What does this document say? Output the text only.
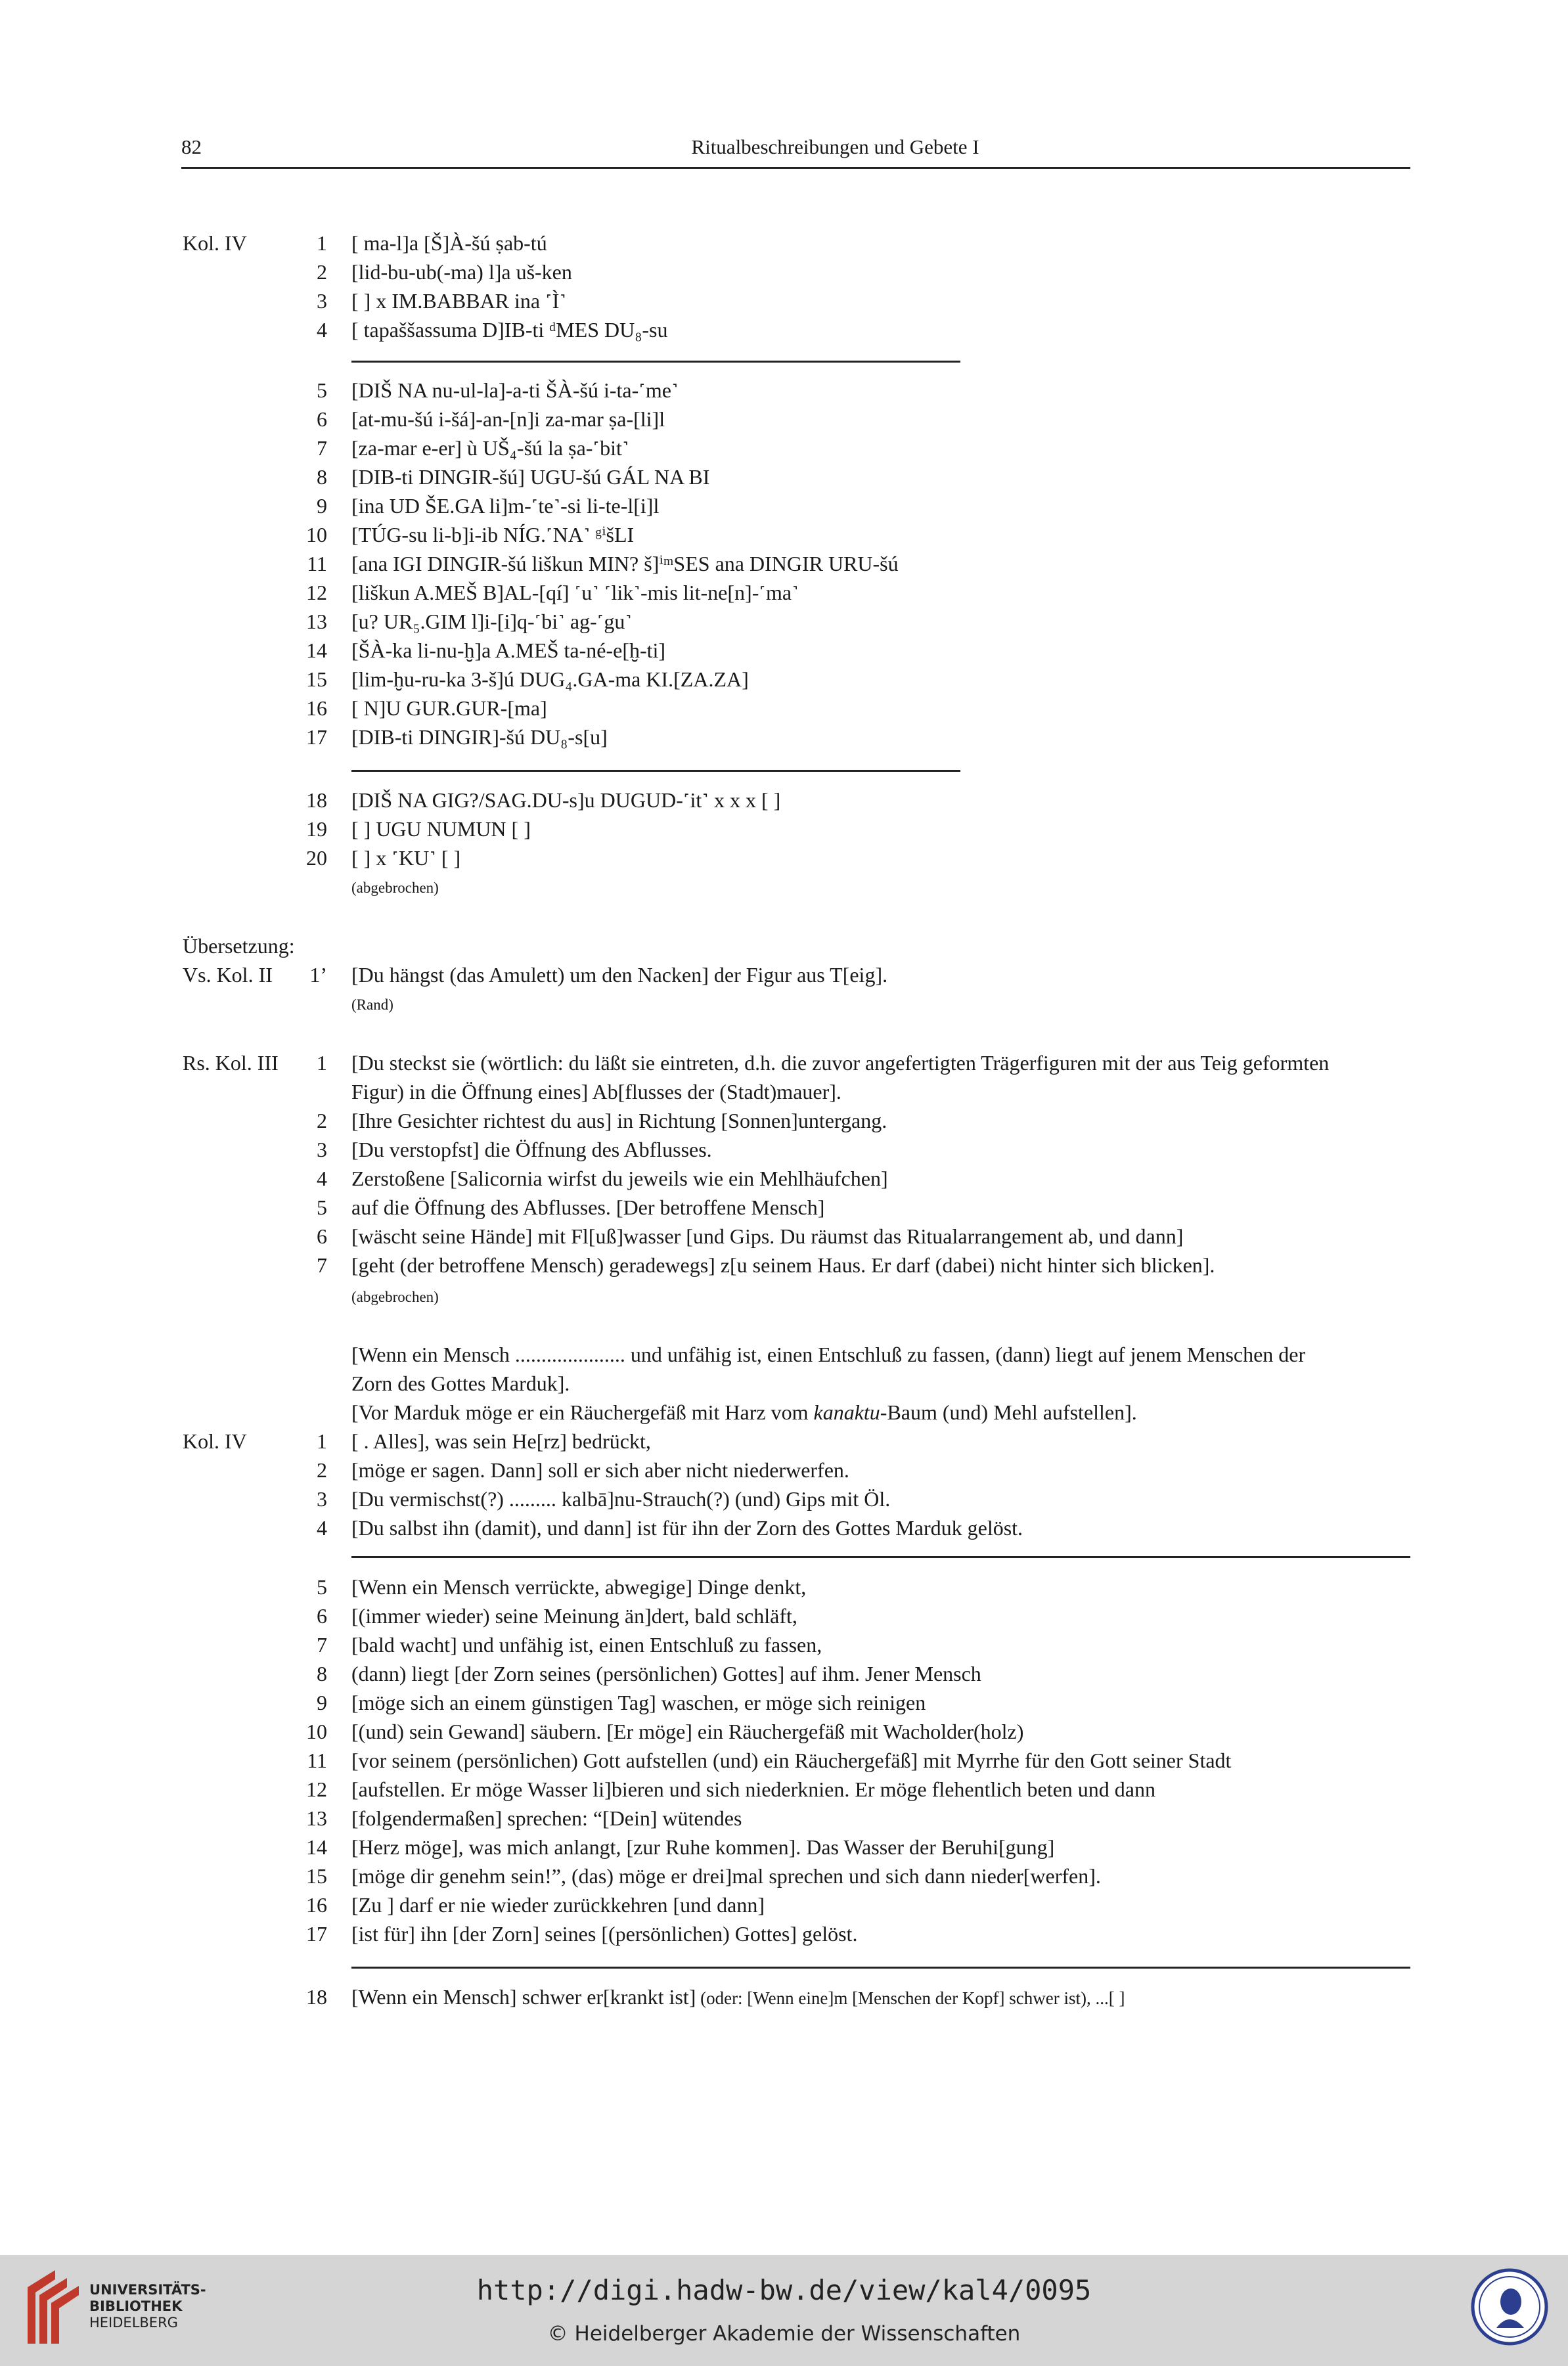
82	Ritualbeschreibungen und Gebete I
Kol. IV	1 [ ma-l]a [Š]À-šú ṣab-tú
2 [lid-bu-ub(-ma) l]a uš-ken
3 [ ] x IM.BABBAR ina ˹Ì˺
4 [ tapaššassuma D]IB-ti ᵈMES DU₈-su
5 [DIŠ NA nu-ul-la]-a-ti ŠÀ-šú i-ta-˹me˺
6 [at-mu-šú i-šá]-an-[n]i za-mar ṣa-[li]l
7 [za-mar e-er] ù UŠ₄-šú la ṣa-˹bit˺
8 [DIB-ti DINGIR-šú] UGU-šú GÁL NA BI
9 [ina UD ŠE.GA li]m-˹te˺-si li-te-l[i]l
10 [TÚG-su li-b]i-ib NÍG.˹NA˺ ᵍⁱšLI
11 [ana IGI DINGIR-šú liškun MIN? š]ⁱᵐSES ana DINGIR URU-šú
12 [liškun A.MEŠ B]AL-[qí] ˹u˺ ˹lik˺-mis lit-ne[n]-˹ma˺
13 [u? UR₅.GIM l]i-[i]q-˹bi˺ ag-˹gu˺
14 [ŠÀ-ka li-nu-ḫ]a A.MEŠ ta-né-e[ḫ-ti]
15 [lim-ḫu-ru-ka 3-š]ú DUG₄.GA-ma KI.[ZA.ZA]
16 [ N]U GUR.GUR-[ma]
17 [DIB-ti DINGIR]-šú DU₈-s[u]
18 [DIŠ NA GIG?/SAG.DU-s]u DUGUD-˹it˺ x x x [ ]
19 [ ] UGU NUMUN [ ]
20 [ ] x ˹KU˺ [ ]
(abgebrochen)
Übersetzung:
Vs. Kol. II	1’ [Du hängst (das Amulett) um den Nacken] der Figur aus T[eig].
(Rand)
Rs. Kol. III	1 [Du steckst sie (wörtlich: du läßt sie eintreten, d.h. die zuvor angefertigten Trägerfiguren mit der aus Teig geformten
Figur) in die Öffnung eines] Ab[flusses der (Stadt)mauer].
2 [Ihre Gesichter richtest du aus] in Richtung [Sonnen]untergang.
3 [Du verstopfst] die Öffnung des Abflusses.
4 Zerstoßene [Salicornia wirfst du jeweils wie ein Mehlhäufchen]
5 auf die Öffnung des Abflusses. [Der betroffene Mensch]
6 [wäscht seine Hände] mit Fl[uß]wasser [und Gips. Du räumst das Ritualarrangement ab, und dann]
7 [geht (der betroffene Mensch) geradewegs] z[u seinem Haus. Er darf (dabei) nicht hinter sich blicken].
(abgebrochen)
[Wenn ein Mensch ..................... und unfähig ist, einen Entschluß zu fassen, (dann) liegt auf jenem Menschen der
Zorn des Gottes Marduk].
[Vor Marduk möge er ein Räuchergefäß mit Harz vom kanaktu-Baum (und) Mehl aufstellen].
Kol. IV	1 [ . Alles], was sein He[rz] bedrückt,
2 [möge er sagen. Dann] soll er sich aber nicht niederwerfen.
3 [Du vermischst(?) ......... kalbā]nu-Strauch(?) (und) Gips mit Öl.
4 [Du salbst ihn (damit), und dann] ist für ihn der Zorn des Gottes Marduk gelöst.
5 [Wenn ein Mensch verrückte, abwegige] Dinge denkt,
6 [(immer wieder) seine Meinung än]dert, bald schläft,
7 [bald wacht] und unfähig ist, einen Entschluß zu fassen,
8 (dann) liegt [der Zorn seines (persönlichen) Gottes] auf ihm. Jener Mensch
9 [möge sich an einem günstigen Tag] waschen, er möge sich reinigen
10 [(und) sein Gewand] säubern. [Er möge] ein Räuchergefäß mit Wacholder(holz)
11 [vor seinem (persönlichen) Gott aufstellen (und) ein Räuchergefäß] mit Myrrhe für den Gott seiner Stadt
12 [aufstellen. Er möge Wasser li]bieren und sich niederknien. Er möge flehentlich beten und dann
13 [folgendermaßen] sprechen: “[Dein] wütendes
14 [Herz möge], was mich anlangt, [zur Ruhe kommen]. Das Wasser der Beruhi[gung]
15 [möge dir genehm sein!”, (das) möge er drei]mal sprechen und sich dann nieder[werfen].
16 [Zu ] darf er nie wieder zurückkehren [und dann]
17 [ist für] ihn [der Zorn] seines [(persönlichen) Gottes] gelöst.
18 [Wenn ein Mensch] schwer er[krankt ist] (oder: [Wenn eine]m [Menschen der Kopf] schwer ist), ...[ ]
UNIVERSITÄTS-
BIBLIOTHEK
HEIDELBERG
http://digi.hadw-bw.de/view/kal4/0095
© Heidelberger Akademie der Wissenschaften
